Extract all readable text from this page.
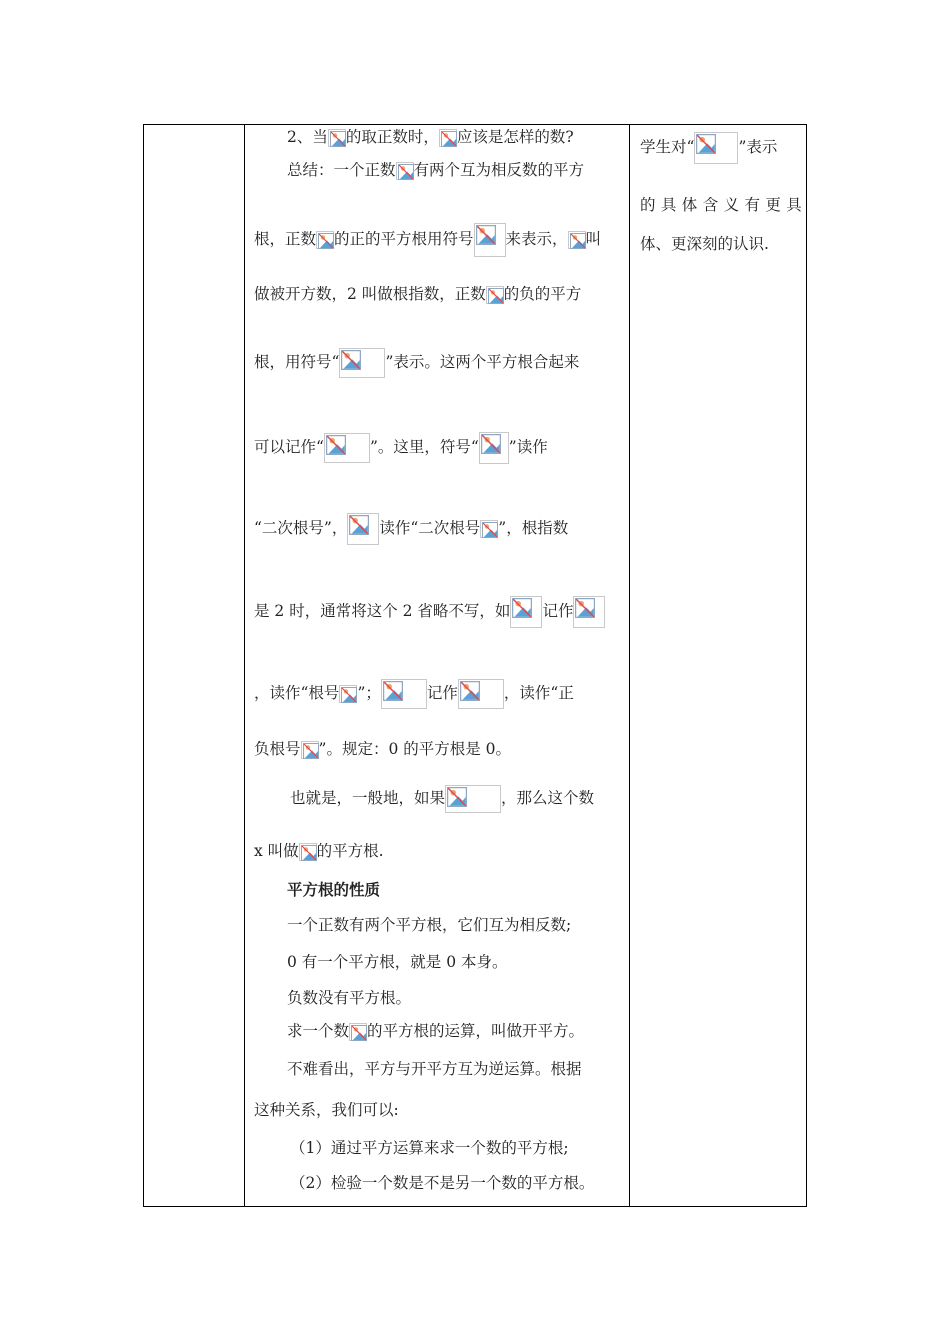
2、当 的取正数时， 应该是怎样的数?
总结：一个正数 有两个互为相反数的平方
根，正数 的正的平方根用符号 来表示， 叫
做被开方数，2 叫做根指数，正数 的负的平方
根，用符号“	”表示。这两个平方根合起来
可以记作“	”。这里，符号“ ”读作
“二次根号”， 读作“二次根号 ”，根指数
是 2 时，通常将这个 2 省略不写，如 记作
，读作“根号 ”；	记作	，读作“正
负根号 ”。规定：0 的平方根是 0。
也就是，一般地，如果	，那么这个数
x 叫做 的平方根.
平方根的性质
一个正数有两个平方根，它们互为相反数;
0 有一个平方根，就是 0 本身。
负数没有平方根。
求一个数 的平方根的运算，叫做开平方。
不难看出，平方与开平方互为逆运算。根据
这种关系，我们可以:
（1）通过平方运算来求一个数的平方根;
（2）检验一个数是不是另一个数的平方根。
学生对“	”表示
的具体含义有更具
体、更深刻的认识.
